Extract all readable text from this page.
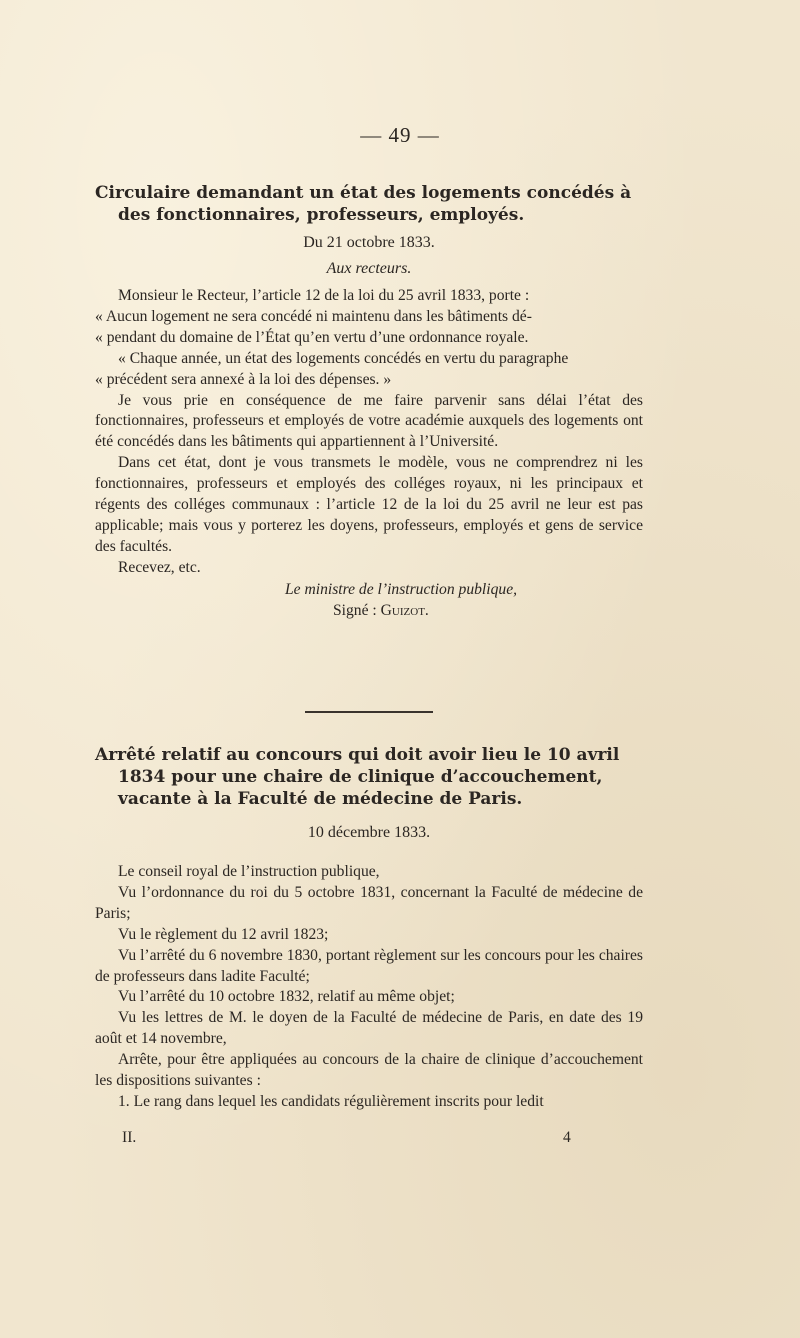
— 49 —
Circulaire demandant un état des logements concédés à des fonctionnaires, professeurs, employés.

Du 21 octobre 1833.

Aux recteurs.

Monsieur le Recteur, l’article 12 de la loi du 25 avril 1833, porte :

« Aucun logement ne sera concédé ni maintenu dans les bâtiments dé-

« pendant du domaine de l’État qu’en vertu d’une ordonnance royale.

« Chaque année, un état des logements concédés en vertu du paragraphe

« précédent sera annexé à la loi des dépenses. »

Je vous prie en conséquence de me faire parvenir sans délai l’état des fonctionnaires, professeurs et employés de votre académie auxquels des logements ont été concédés dans les bâtiments qui appartiennent à l’Université.

Dans cet état, dont je vous transmets le modèle, vous ne comprendrez ni les fonctionnaires, professeurs et employés des colléges royaux, ni les principaux et régents des colléges communaux : l’article 12 de la loi du 25 avril ne leur est pas applicable; mais vous y porterez les doyens, professeurs, employés et gens de service des facultés.

Recevez, etc.

Le ministre de l’instruction publique,

Signé : Guizot.

Arrêté relatif au concours qui doit avoir lieu le 10 avril 1834 pour une chaire de clinique d’accouchement, vacante à la Faculté de médecine de Paris.

10 décembre 1833.

Le conseil royal de l’instruction publique,

Vu l’ordonnance du roi du 5 octobre 1831, concernant la Faculté de médecine de Paris;

Vu le règlement du 12 avril 1823;

Vu l’arrêté du 6 novembre 1830, portant règlement sur les concours pour les chaires de professeurs dans ladite Faculté;

Vu l’arrêté du 10 octobre 1832, relatif au même objet;

Vu les lettres de M. le doyen de la Faculté de médecine de Paris, en date des 19 août et 14 novembre,

Arrête, pour être appliquées au concours de la chaire de clinique d’accouchement les dispositions suivantes :

1. Le rang dans lequel les candidats régulièrement inscrits pour ledit

II.	4
